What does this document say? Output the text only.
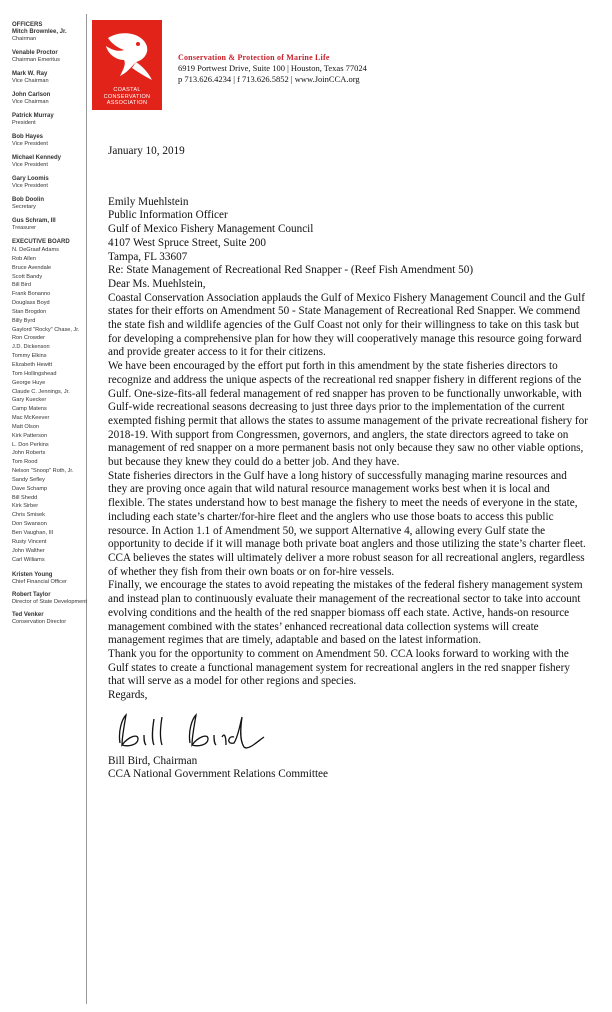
OFFICERS
Mitch Brownlee, Jr.
Chairman
Venable Proctor
Chairman Emeritus
Mark W. Ray
Vice Chairman
John Carlson
Vice Chairman
Patrick Murray
President
Bob Hayes
Vice President
Michael Kennedy
Vice President
Gary Loomis
Vice President
Bob Doolin
Secretary
Gus Schram, III
Treasurer
EXECUTIVE BOARD
N. DeGraaf Adams
Rob Allen
Bruce Avendale
Scott Bandy
Bill Bird
Frank Bonanno
Douglass Boyd
Stan Brogdon
Billy Byrd
Gaylord "Rocky" Chase, Jr.
Ron Crowder
J.D. Dickenson
Tommy Elkins
Elizabeth Hewitt
Tom Hollingshead
George Huye
Claude C. Jennings, Jr.
Gary Kuecker
Camp Matens
Mac McKeever
Matt Olson
Kirk Patterson
L. Don Perkins
John Roberts
Tom Rood
Nelson "Snoop" Roth, Jr.
Sandy Sefley
Dave Schamp
Bill Shedd
Kirk Sirber
Chris Smisek
Don Swanson
Ben Vaughan, III
Rusty Vincent
John Walther
Carl Williams
Kristen Young
Chief Financial Officer
Robert Taylor
Director of State Development
Ted Venker
Conservation Director
COASTAL
CONSERVATION
ASSOCIATION
Conservation & Protection of Marine Life
6919 Portwest Drive, Suite 100 | Houston, Texas 77024
p 713.626.4234 | f 713.626.5852 | www.JoinCCA.org

January 10, 2019

Emily Muehlstein

Public Information Officer

Gulf of Mexico Fishery Management Council

4107 West Spruce Street, Suite 200

Tampa, FL 33607

Re: State Management of Recreational Red Snapper - (Reef Fish Amendment 50)

Dear Ms. Muehlstein,

Coastal Conservation Association applauds the Gulf of Mexico Fishery Management Council and the Gulf states for their efforts on Amendment 50 - State Management of Recreational Red Snapper. We commend the state fish and wildlife agencies of the Gulf Coast not only for their willingness to take on this task but for developing a comprehensive plan for how they will cooperatively manage this resource going forward and provide greater access to it for their citizens.

We have been encouraged by the effort put forth in this amendment by the state fisheries directors to recognize and address the unique aspects of the recreational red snapper fishery in different regions of the Gulf. One-size-fits-all federal management of red snapper has proven to be functionally unworkable, with Gulf-wide recreational seasons decreasing to just three days prior to the implementation of the current exempted fishing permit that allows the states to assume management of the private recreational fishery for 2018-19. With support from Congressmen, governors, and anglers, the state directors agreed to take on management of red snapper on a more permanent basis not only because they saw no other viable options, but because they knew they could do a better job. And they have.

State fisheries directors in the Gulf have a long history of successfully managing marine resources and they are proving once again that wild natural resource management works best when it is local and flexible. The states understand how to best manage the fishery to meet the needs of everyone in the state, including each state’s charter/for-hire fleet and the anglers who use those boats to access this public resource. In Action 1.1 of Amendment 50, we support Alternative 4, allowing every Gulf state the opportunity to decide if it will manage both private boat anglers and those utilizing the state’s charter fleet. CCA believes the states will ultimately deliver a more robust season for all recreational anglers, regardless of whether they fish from their own boats or on for-hire vessels.

Finally, we encourage the states to avoid repeating the mistakes of the federal fishery management system and instead plan to continuously evaluate their management of the recreational sector to take into account evolving conditions and the health of the red snapper biomass off each state. Active, hands-on resource management combined with the states’ enhanced recreational data collection systems will create management regimes that are timely, adaptable and based on the latest information.

Thank you for the opportunity to comment on Amendment 50. CCA looks forward to working with the Gulf states to create a functional management system for recreational anglers in the red snapper fishery that will serve as a model for other regions and species.

Regards,

Bill Bird, Chairman

CCA National Government Relations Committee
